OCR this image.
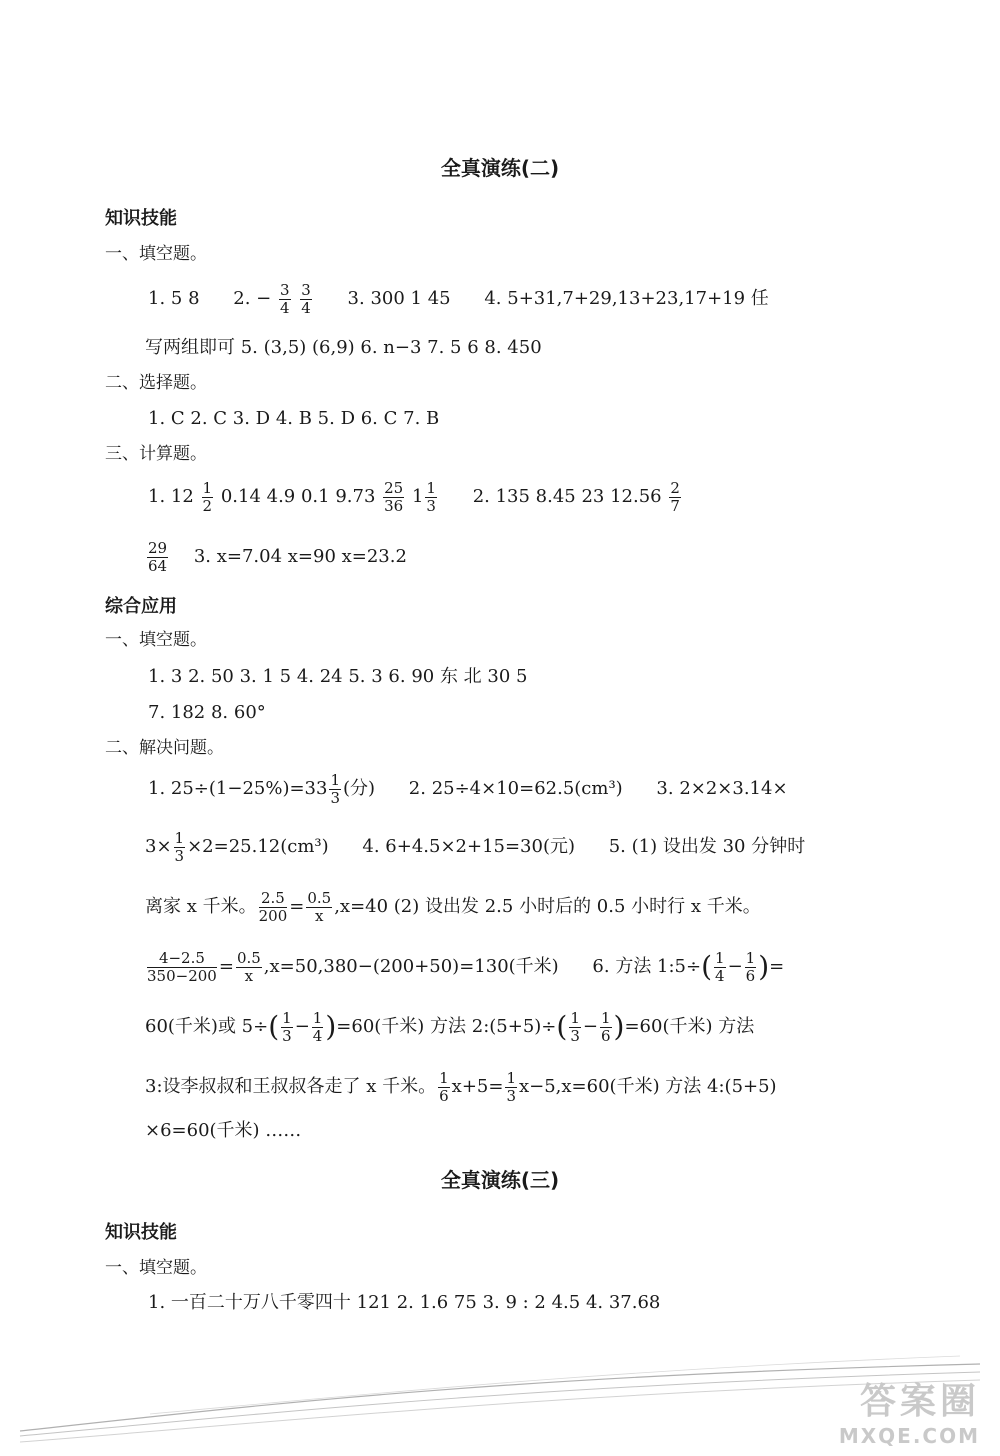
全真演练(二)
知识技能
一、填空题。
1. 5 8 2. − $\frac{3}{4}$
$\frac{3}{4} 3$. 300 1 45 4. 5+31,7+29,13+23,17+19 任
写两组即可 5. (3,5) (6,9) 6. n−3 7. 5 6 8. 450
二、选择题。
1. C 2. C 3. D 4. B 5. D 6. C 7. B
三、计算题。
1. $12 \frac{1}{2} 0.14$ 4.9 0.1 $9.73 \frac{25}{36} 1 \frac{1}{3} 2$. 135 8.45 23 $12.56 \frac{2}{7}$
$\frac{29}{64} 3$. x=7.04 x=90 x=23.2
综合应用
一、填空题。
1. 3 2. 50 3. 1 5 4. 24 5. 3 6. 90 东 北 30 5
7. 182 8. 60°
二、解决问题。
1. $25\div(1-25\%)=33 \frac{1}{3}$ (分) 2. 25÷4×10=62.5(cm³) 3. 2×2×3.14×
$3\times \frac{1}{3} \times 2=25.12(cm^3)$ 4. 6+4.5×2+15=30(元) 5. (1) 设出发 30 分钟时
离家 x 千米。 $\frac{2.5}{200} = \frac{0.5}{x} ,x=40$ (2) 设出发 2.5 小时后的 0.5 小时行 x 千米。
$\frac{4-2.5}{350-200} = \frac{0.5}{x} ,x=50,380-(200+50)=130$(千米) 6. 方法 1:5÷( $\frac{1}{4} - \frac{1}{6}$ )=
60(千米)或 $5\div( \frac{1}{3} - \frac{1}{4} )=60$(千米) 方法 2:(5+5)÷( $\frac{1}{3} - \frac{1}{6} )=60$(千米) 方法
3:设李叔叔和王叔叔各走了 x 千米。 $\frac{1}{6} x+5= \frac{1}{3} x-5,x=60$(千米) 方法 4:(5+5)
×6=60(千米) ……
全真演练(三)
知识技能
一、填空题。
1. 一百二十万八千零四十 121 2. 1.6 75 3. 9 : 2 4.5 4. 37.68
答案圈
MXQE.COM
